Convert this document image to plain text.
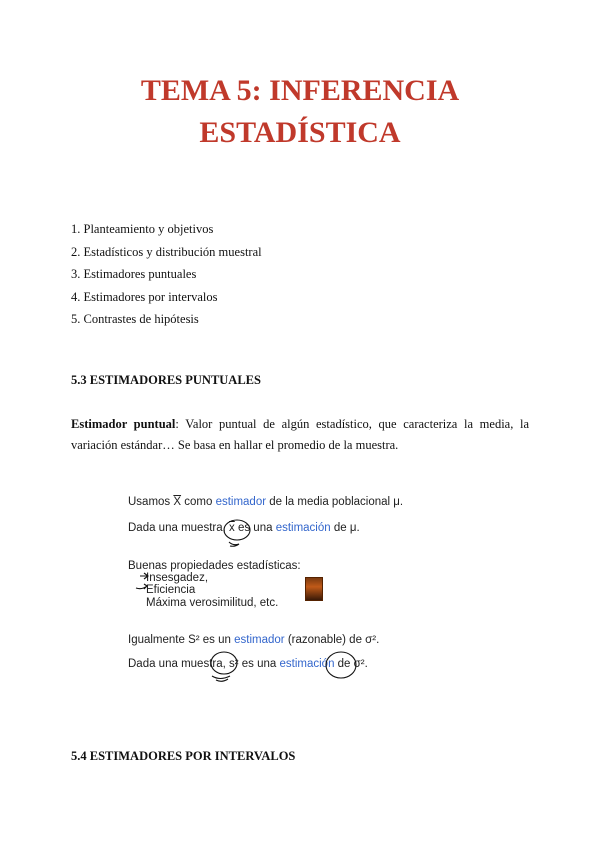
TEMA 5: INFERENCIA
ESTADÍSTICA
1. Planteamiento y objetivos
2. Estadísticos y distribución muestral
3. Estimadores puntuales
4. Estimadores por intervalos
5. Contrastes de hipótesis
5.3 ESTIMADORES PUNTUALES
Estimador puntual: Valor puntual de algún estadístico, que caracteriza la media, la variación estándar… Se basa en hallar el promedio de la muestra.
Usamos $\overline{X}$ como estimador de la media poblacional μ.
Dada una muestra, $\overline{x}$ es una estimación de μ.
Buenas propiedades estadísticas:
Insesgadez,
Eficiencia
Máxima verosimilitud, etc.
Igualmente S² es un estimador (razonable) de σ².
Dada una muestra, s² es una estimación de σ².
5.4 ESTIMADORES POR INTERVALOS
